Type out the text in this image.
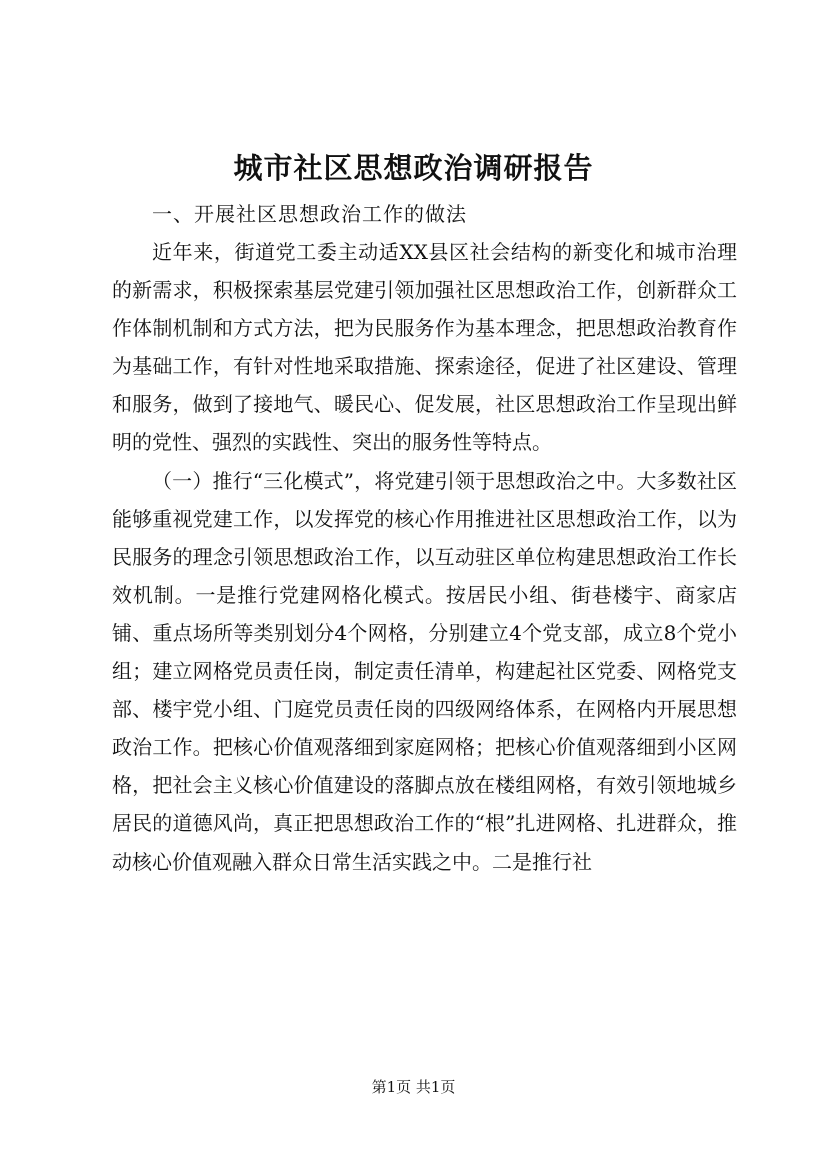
城市社区思想政治调研报告

一、开展社区思想政治工作的做法

近年来，街道党工委主动适XX县区社会结构的新变化和城市治理的新需求，积极探索基层党建引领加强社区思想政治工作，创新群众工作体制机制和方式方法，把为民服务作为基本理念，把思想政治教育作为基础工作，有针对性地采取措施、探索途径，促进了社区建设、管理和服务，做到了接地气、暖民心、促发展，社区思想政治工作呈现出鲜明的党性、强烈的实践性、突出的服务性等特点。

（一）推行“三化模式”，将党建引领于思想政治之中。大多数社区能够重视党建工作，以发挥党的核心作用推进社区思想政治工作，以为民服务的理念引领思想政治工作，以互动驻区单位构建思想政治工作长效机制。一是推行党建网格化模式。按居民小组、街巷楼宇、商家店铺、重点场所等类别划分4个网格，分别建立4个党支部，成立8个党小组；建立网格党员责任岗，制定责任清单，构建起社区党委、网格党支部、楼宇党小组、门庭党员责任岗的四级网络体系，在网格内开展思想政治工作。把核心价值观落细到家庭网格；把核心价值观落细到小区网格，把社会主义核心价值建设的落脚点放在楼组网格，有效引领地城乡居民的道德风尚，真正把思想政治工作的“根”扎进网格、扎进群众，推动核心价值观融入群众日常生活实践之中。二是推行社

第1页 共1页
